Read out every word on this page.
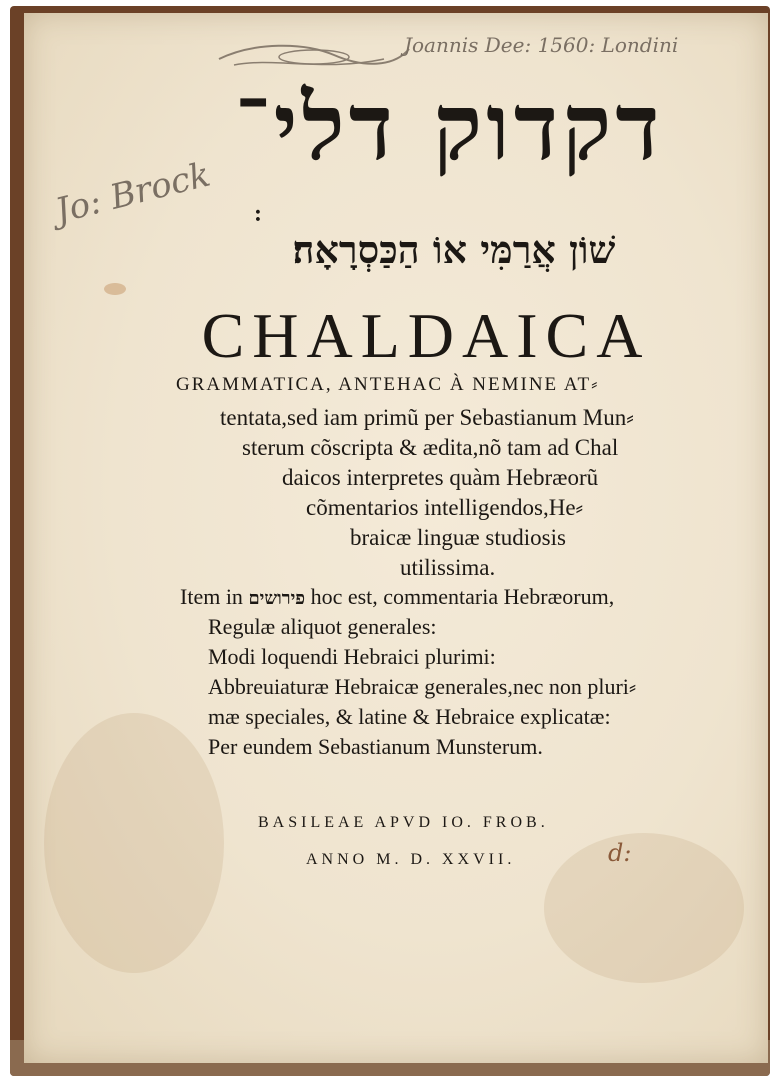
Joannis Dee: 1560: Londini
Jo: Brock
דקדוק דלי־
:
שׁוֹן אֲרַמִּי אוֹ הַכַּסְרָאָה׃
CHALDAICA
GRAMMATICA, ANTEHAC À NEMINE AT⸗
tentata,sed iam primũ per Sebastianum Mun⸗
sterum cõscripta & ædita,nõ tam ad Chal
daicos interpretes quàm Hebræorũ
cõmentarios intelligendos,He⸗
braicæ linguæ studiosis
utilissima.
Item in פירושים hoc est, commentaria Hebræorum,
Regulæ aliquot generales:
Modi loquendi Hebraici plurimi:
Abbreuiaturæ Hebraicæ generales,nec non pluri⸗
mæ speciales, & latine & Hebraice explicatæ:
Per eundem Sebastianum Munsterum.
BASILEAE APVD IO. FROB.
ANNO M. D. XXVII.	d:
